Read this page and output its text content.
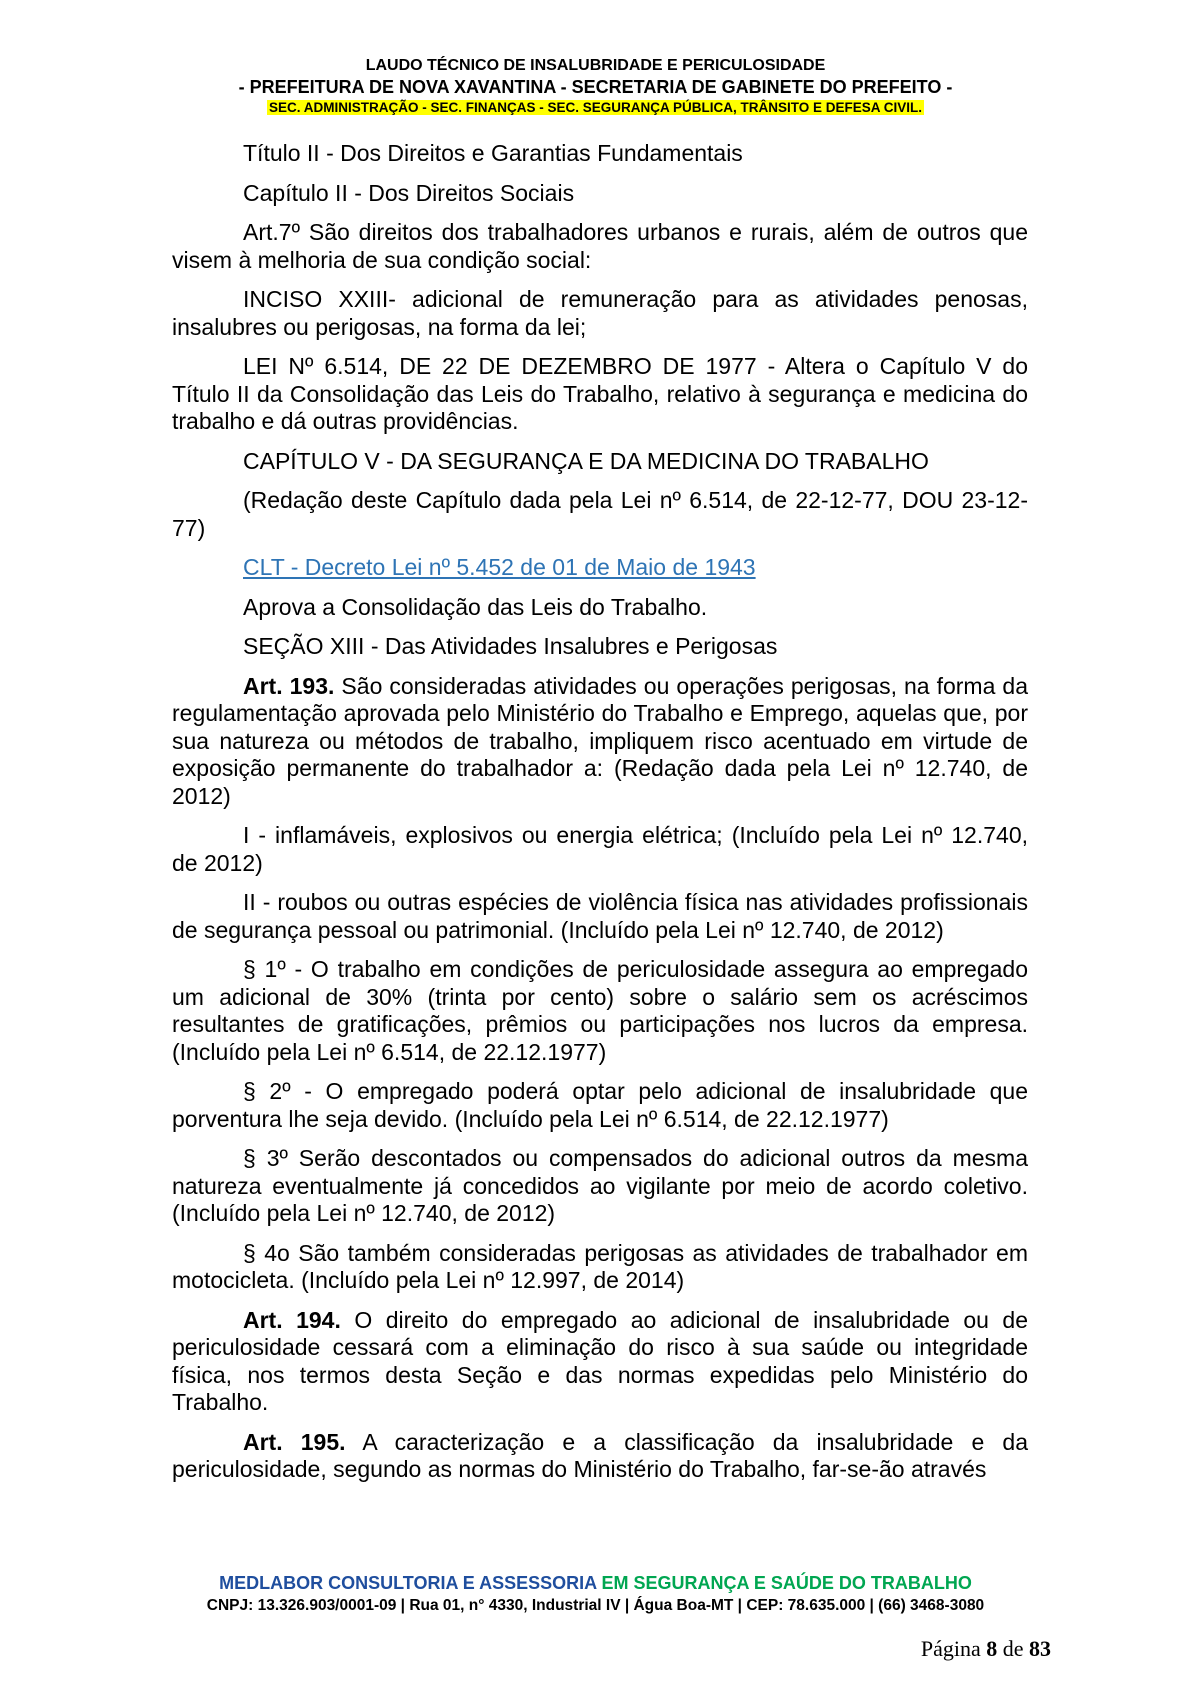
LAUDO TÉCNICO DE INSALUBRIDADE E PERICULOSIDADE
- PREFEITURA DE NOVA XAVANTINA - SECRETARIA DE GABINETE DO PREFEITO -
SEC. ADMINISTRAÇÃO - SEC. FINANÇAS - SEC. SEGURANÇA PÚBLICA, TRÂNSITO E DEFESA CIVIL.

Título II - Dos Direitos e Garantias Fundamentais

Capítulo II - Dos Direitos Sociais

Art.7º São direitos dos trabalhadores urbanos e rurais, além de outros que visem à melhoria de sua condição social:

INCISO XXIII- adicional de remuneração para as atividades penosas, insalubres ou perigosas, na forma da lei;

LEI Nº 6.514, DE 22 DE DEZEMBRO DE 1977 - Altera o Capítulo V do Título II da Consolidação das Leis do Trabalho, relativo à segurança e medicina do trabalho e dá outras providências.

CAPÍTULO V - DA SEGURANÇA E DA MEDICINA DO TRABALHO

(Redação deste Capítulo dada pela Lei nº 6.514, de 22-12-77, DOU 23-12-77)

CLT - Decreto Lei nº 5.452 de 01 de Maio de 1943

Aprova a Consolidação das Leis do Trabalho.

SEÇÃO XIII - Das Atividades Insalubres e Perigosas

Art. 193. São consideradas atividades ou operações perigosas, na forma da regulamentação aprovada pelo Ministério do Trabalho e Emprego, aquelas que, por sua natureza ou métodos de trabalho, impliquem risco acentuado em virtude de exposição permanente do trabalhador a: (Redação dada pela Lei nº 12.740, de 2012)

I - inflamáveis, explosivos ou energia elétrica; (Incluído pela Lei nº 12.740, de 2012)

II - roubos ou outras espécies de violência física nas atividades profissionais de segurança pessoal ou patrimonial. (Incluído pela Lei nº 12.740, de 2012)

§ 1º - O trabalho em condições de periculosidade assegura ao empregado um adicional de 30% (trinta por cento) sobre o salário sem os acréscimos resultantes de gratificações, prêmios ou participações nos lucros da empresa. (Incluído pela Lei nº 6.514, de 22.12.1977)

§ 2º - O empregado poderá optar pelo adicional de insalubridade que porventura lhe seja devido. (Incluído pela Lei nº 6.514, de 22.12.1977)

§ 3º Serão descontados ou compensados do adicional outros da mesma natureza eventualmente já concedidos ao vigilante por meio de acordo coletivo. (Incluído pela Lei nº 12.740, de 2012)

§ 4o São também consideradas perigosas as atividades de trabalhador em motocicleta. (Incluído pela Lei nº 12.997, de 2014)

Art. 194. O direito do empregado ao adicional de insalubridade ou de periculosidade cessará com a eliminação do risco à sua saúde ou integridade física, nos termos desta Seção e das normas expedidas pelo Ministério do Trabalho.

Art. 195. A caracterização e a classificação da insalubridade e da periculosidade, segundo as normas do Ministério do Trabalho, far-se-ão através

MEDLABOR CONSULTORIA E ASSESSORIA EM SEGURANÇA E SAÚDE DO TRABALHO
CNPJ: 13.326.903/0001-09 | Rua 01, n° 4330, Industrial IV | Água Boa-MT | CEP: 78.635.000 | (66) 3468-3080
Página 8 de 83
